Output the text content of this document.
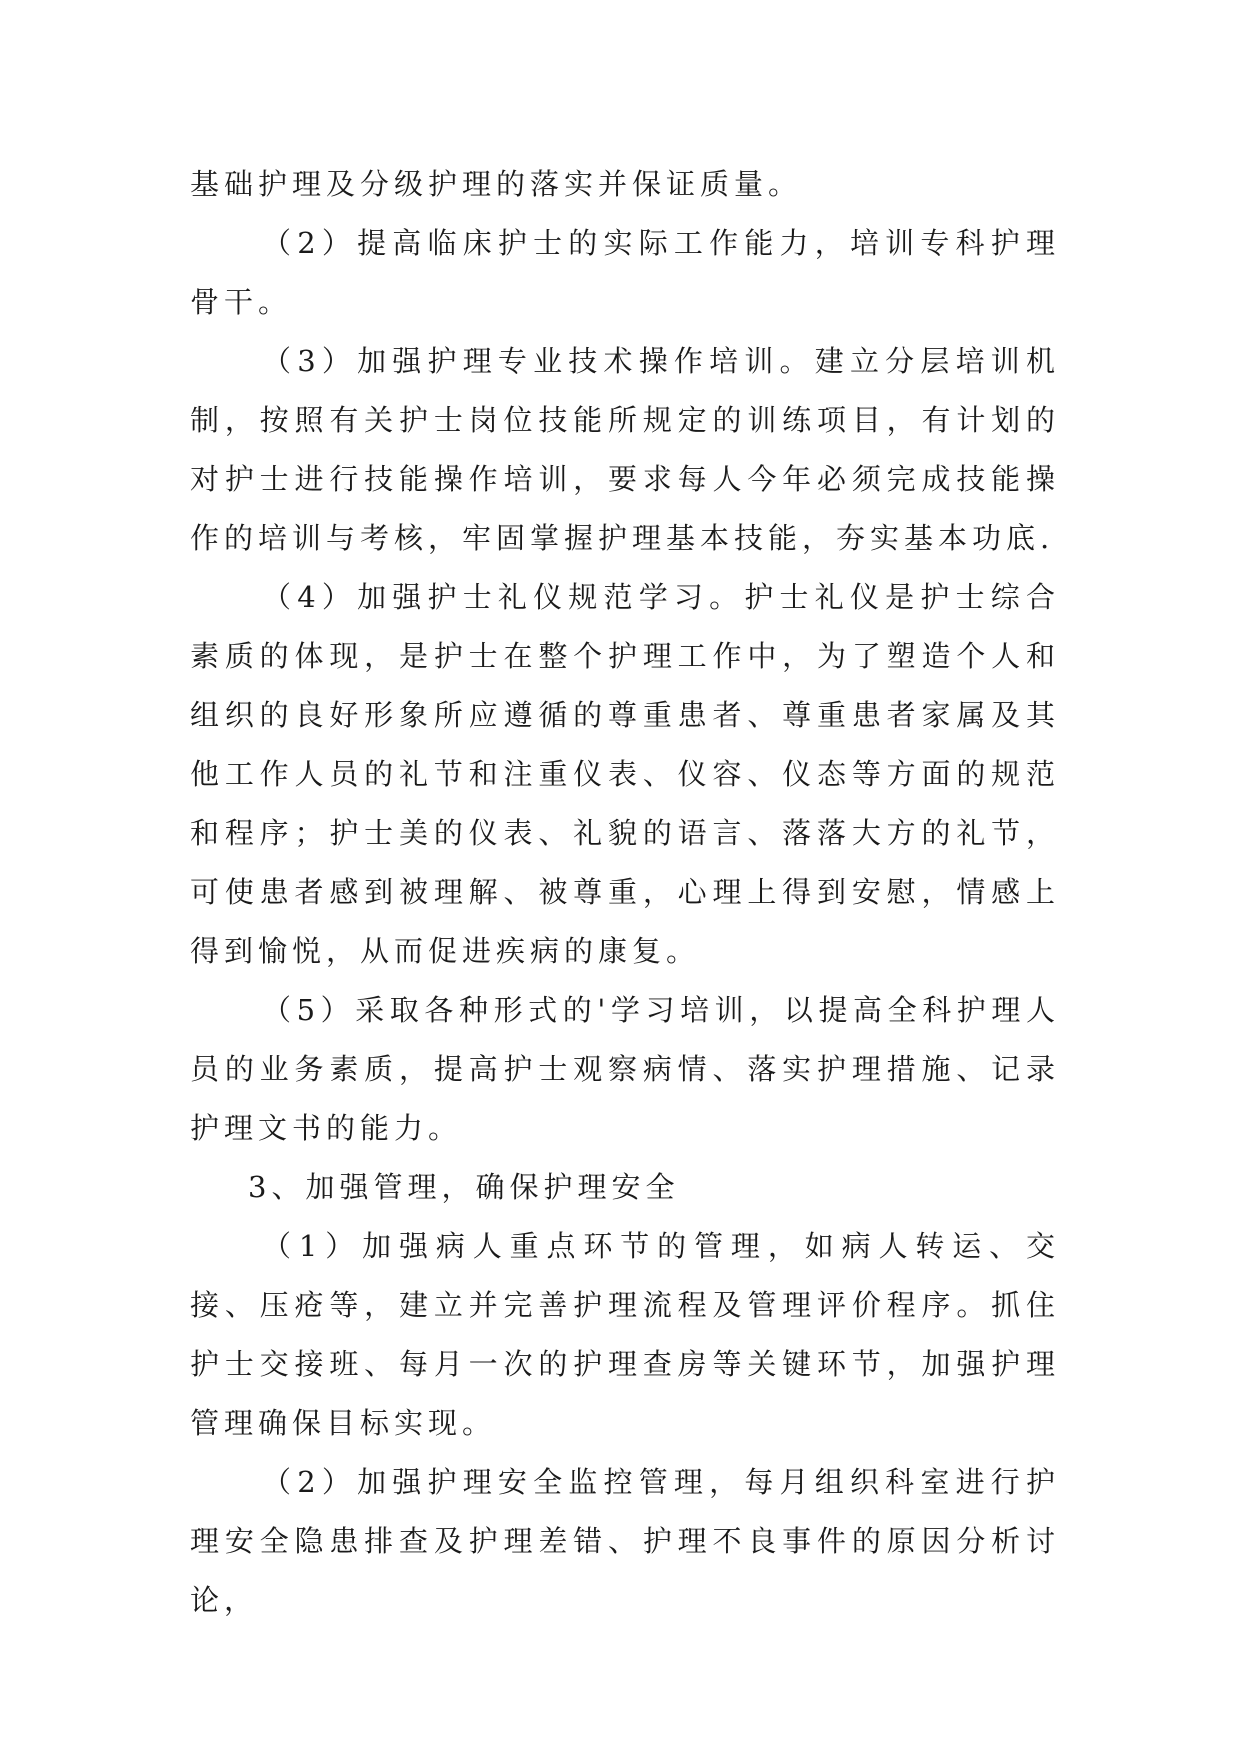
基础护理及分级护理的落实并保证质量。

（2）提高临床护士的实际工作能力，培训专科护理骨干。

（3）加强护理专业技术操作培训。建立分层培训机制，按照有关护士岗位技能所规定的训练项目，有计划的对护士进行技能操作培训，要求每人今年必须完成技能操作的培训与考核，牢固掌握护理基本技能，夯实基本功底.

（4）加强护士礼仪规范学习。护士礼仪是护士综合素质的体现，是护士在整个护理工作中，为了塑造个人和组织的良好形象所应遵循的尊重患者、尊重患者家属及其他工作人员的礼节和注重仪表、仪容、仪态等方面的规范和程序；护士美的仪表、礼貌的语言、落落大方的礼节，可使患者感到被理解、被尊重，心理上得到安慰，情感上得到愉悦，从而促进疾病的康复。

（5）采取各种形式的'学习培训，以提高全科护理人员的业务素质，提高护士观察病情、落实护理措施、记录护理文书的能力。

3、加强管理，确保护理安全

（1）加强病人重点环节的管理，如病人转运、交接、压疮等，建立并完善护理流程及管理评价程序。抓住护士交接班、每月一次的护理查房等关键环节，加强护理管理确保目标实现。

（2）加强护理安全监控管理，每月组织科室进行护理安全隐患排查及护理差错、护理不良事件的原因分析讨论，
